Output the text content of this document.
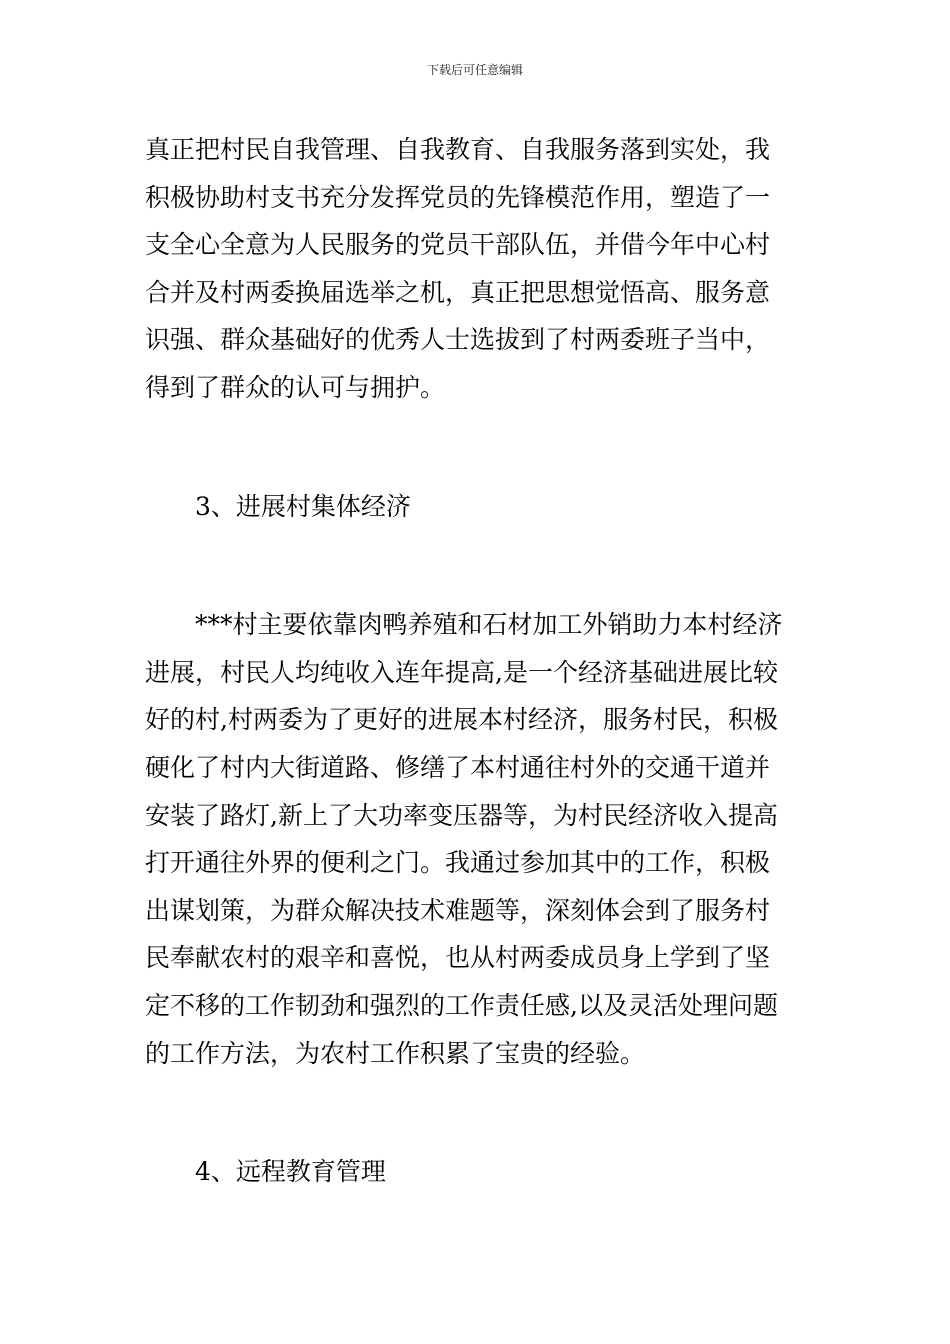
下载后可任意编辑
真正把村民自我管理、自我教育、自我服务落到实处，我
积极协助村支书充分发挥党员的先锋模范作用，塑造了一
支全心全意为人民服务的党员干部队伍，并借今年中心村
合并及村两委换届选举之机，真正把思想觉悟高、服务意
识强、群众基础好的优秀人士选拔到了村两委班子当中，
得到了群众的认可与拥护。
3、进展村集体经济
***村主要依靠肉鸭养殖和石材加工外销助力本村经济
进展，村民人均纯收入连年提高,是一个经济基础进展比较
好的村,村两委为了更好的进展本村经济，服务村民，积极
硬化了村内大街道路、修缮了本村通往村外的交通干道并
安装了路灯,新上了大功率变压器等，为村民经济收入提高
打开通往外界的便利之门。我通过参加其中的工作，积极
出谋划策，为群众解决技术难题等，深刻体会到了服务村
民奉献农村的艰辛和喜悦，也从村两委成员身上学到了坚
定不移的工作韧劲和强烈的工作责任感,以及灵活处理问题
的工作方法，为农村工作积累了宝贵的经验。
4、远程教育管理
